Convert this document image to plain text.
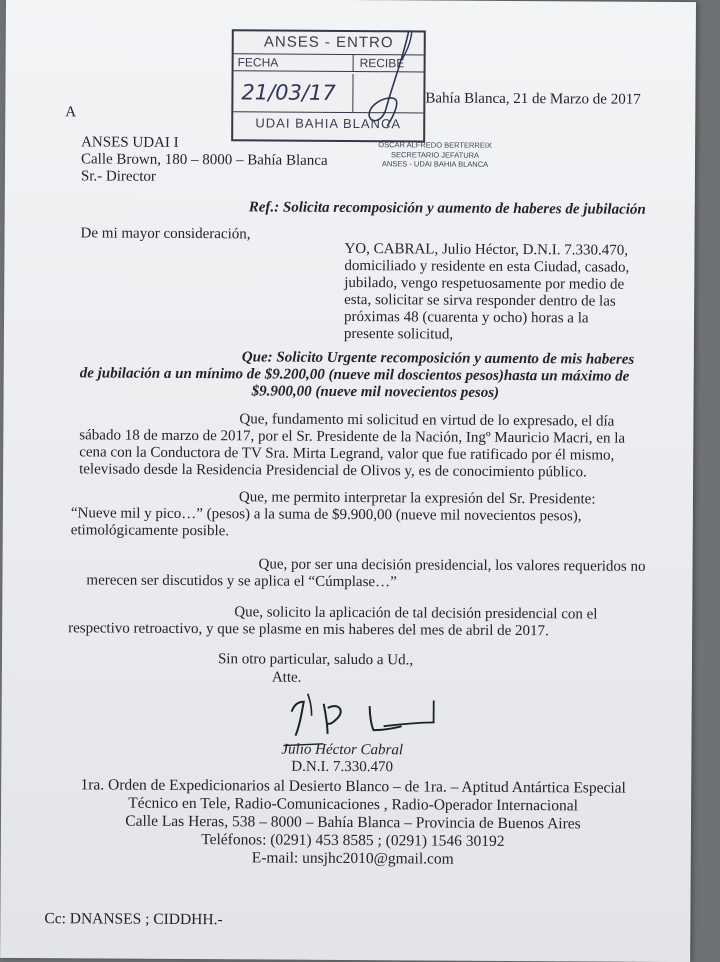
ANSES - ENTRO
FECHA	RECIBE
21/03/17
UDAI BAHIA BLANCA
OSCAR ALFREDO BERTERREIX
SECRETARIO JEFATURA
ANSES - UDAI BAHIA BLANCA
Bahía Blanca, 21 de Marzo de 2017
A
ANSES UDAI I
Calle Brown, 180 – 8000 – Bahía Blanca
Sr.- Director
Ref.: Solicita recomposición y aumento de haberes de jubilación
De mi mayor consideración,
YO, CABRAL, Julio Héctor, D.N.I. 7.330.470,
domiciliado y residente en esta Ciudad, casado,
jubilado, vengo respetuosamente por medio de
esta, solicitar se sirva responder dentro de las
próximas 48 (cuarenta y ocho) horas a la
presente solicitud,
Que: Solicito Urgente recomposición y aumento de mis haberes
de jubilación a un mínimo de $9.200,00 (nueve mil doscientos pesos)hasta un máximo de
$9.900,00 (nueve mil novecientos pesos)
Que, fundamento mi solicitud en virtud de lo expresado, el día
sábado 18 de marzo de 2017, por el Sr. Presidente de la Nación, Ingº Mauricio Macri, en la
cena con la Conductora de TV Sra. Mirta Legrand, valor que fue ratificado por él mismo,
televisado desde la Residencia Presidencial de Olivos y, es de conocimiento público.
Que, me permito interpretar la expresión del Sr. Presidente:
“Nueve mil y pico…” (pesos) a la suma de $9.900,00 (nueve mil novecientos pesos),
etimológicamente posible.
Que, por ser una decisión presidencial, los valores requeridos no
merecen ser discutidos y se aplica el “Cúmplase…”
Que, solicito la aplicación de tal decisión presidencial con el
respectivo retroactivo, y que se plasme en mis haberes del mes de abril de 2017.
Sin otro particular, saludo a Ud.,
Atte.
Julio Héctor Cabral
D.N.I. 7.330.470
1ra. Orden de Expedicionarios al Desierto Blanco – de 1ra. – Aptitud Antártica Especial
Técnico en Tele, Radio-Comunicaciones , Radio-Operador Internacional
Calle Las Heras, 538 – 8000 – Bahía Blanca – Provincia de Buenos Aires
Teléfonos: (0291) 453 8585 ; (0291) 1546 30192
E-mail: unsjhc2010@gmail.com
Cc: DNANSES ; CIDDHH.-
